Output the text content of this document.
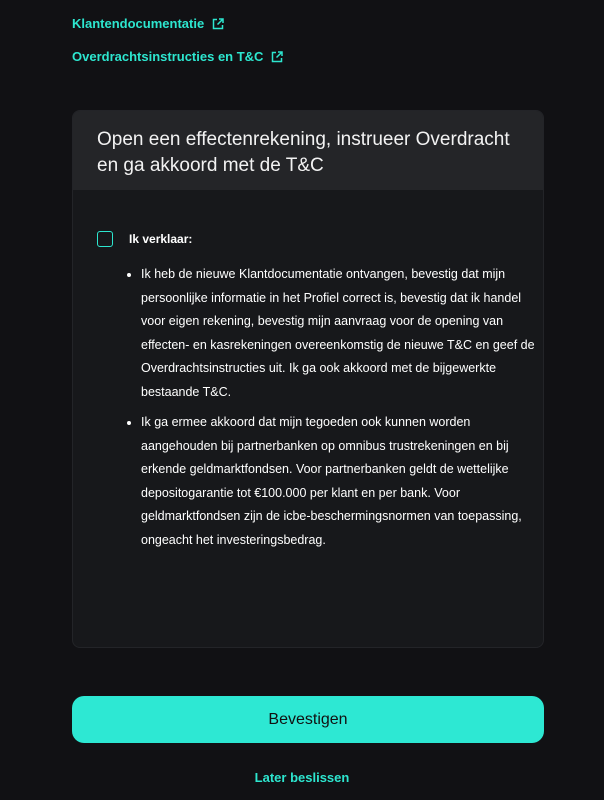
Klantendocumentatie
Overdrachtsinstructies en T&C
Open een effectenrekening, instrueer Overdracht en ga akkoord met de T&C
Ik verklaar:
• Ik heb de nieuwe Klantdocumentatie ontvangen, bevestig dat mijn persoonlijke informatie in het Profiel correct is, bevestig dat ik handel voor eigen rekening, bevestig mijn aanvraag voor de opening van effecten- en kasrekeningen overeenkomstig de nieuwe T&C en geef de Overdrachtsinstructies uit. Ik ga ook akkoord met de bijgewerkte bestaande T&C.
• Ik ga ermee akkoord dat mijn tegoeden ook kunnen worden aangehouden bij partnerbanken op omnibus trustrekeningen en bij erkende geldmarktfondsen. Voor partnerbanken geldt de wettelijke depositogarantie tot €100.000 per klant en per bank. Voor geldmarktfondsen zijn de icbe-beschermingsnormen van toepassing, ongeacht het investeringsbedrag.
Bevestigen
Later beslissen
